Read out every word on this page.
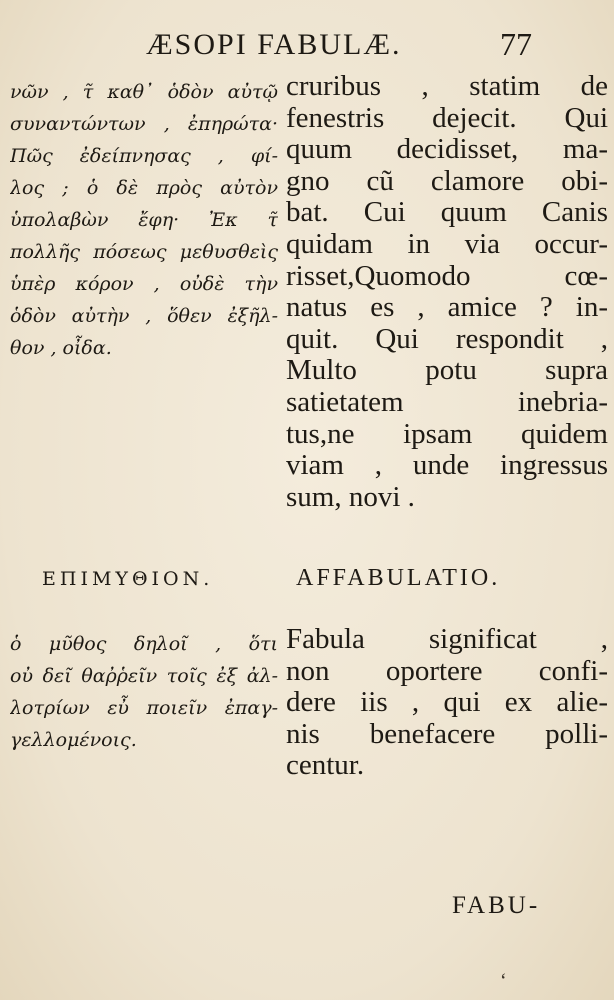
ÆSOPI FABULÆ.	77
νῶν , τ̃ καθ᾽ ὁδὸν αὐτῷ
συναντώντων , ἐπηρώτα·
Πῶς ἐδείπνησας , φί-
λος ; ὁ δὲ πρὸς αὐτὸν
ὑπολαβὼν ἔφη· Ἐκ τ̃
πολλῆς πόσεως μεθυσθεὶς
ὑπὲρ κόρον , οὐδὲ τὴν
ὁδὸν αὐτὴν , ὅθεν ἐξῆλ-
θον , οἶδα.
cruribus , statim de
fenestris dejecit. Qui
quum decidisset, ma-
gno cũ clamore obi-
bat. Cui quum Canis
quidam in via occur-
risset,Quomodo cœ-
natus es , amice ? in-
quit. Qui respondit ,
Multo potu supra
satietatem inebria-
tus,ne ipsam quidem
viam , unde ingressus
sum, novi .
ΕΠΙΜΥΘΙΟΝ.	AFFABULATIO.
ὁ μῦθος δηλοῖ , ὅτι
οὐ δεῖ θαῤῥεῖν τοῖς ἐξ ἀλ-
λοτρίων εὖ ποιεῖν ἐπαγ-
γελλομένοις.
Fabula significat ,
non oportere confi-
dere iis , qui ex alie-
nis benefacere polli-
centur.
FABU-
‘
